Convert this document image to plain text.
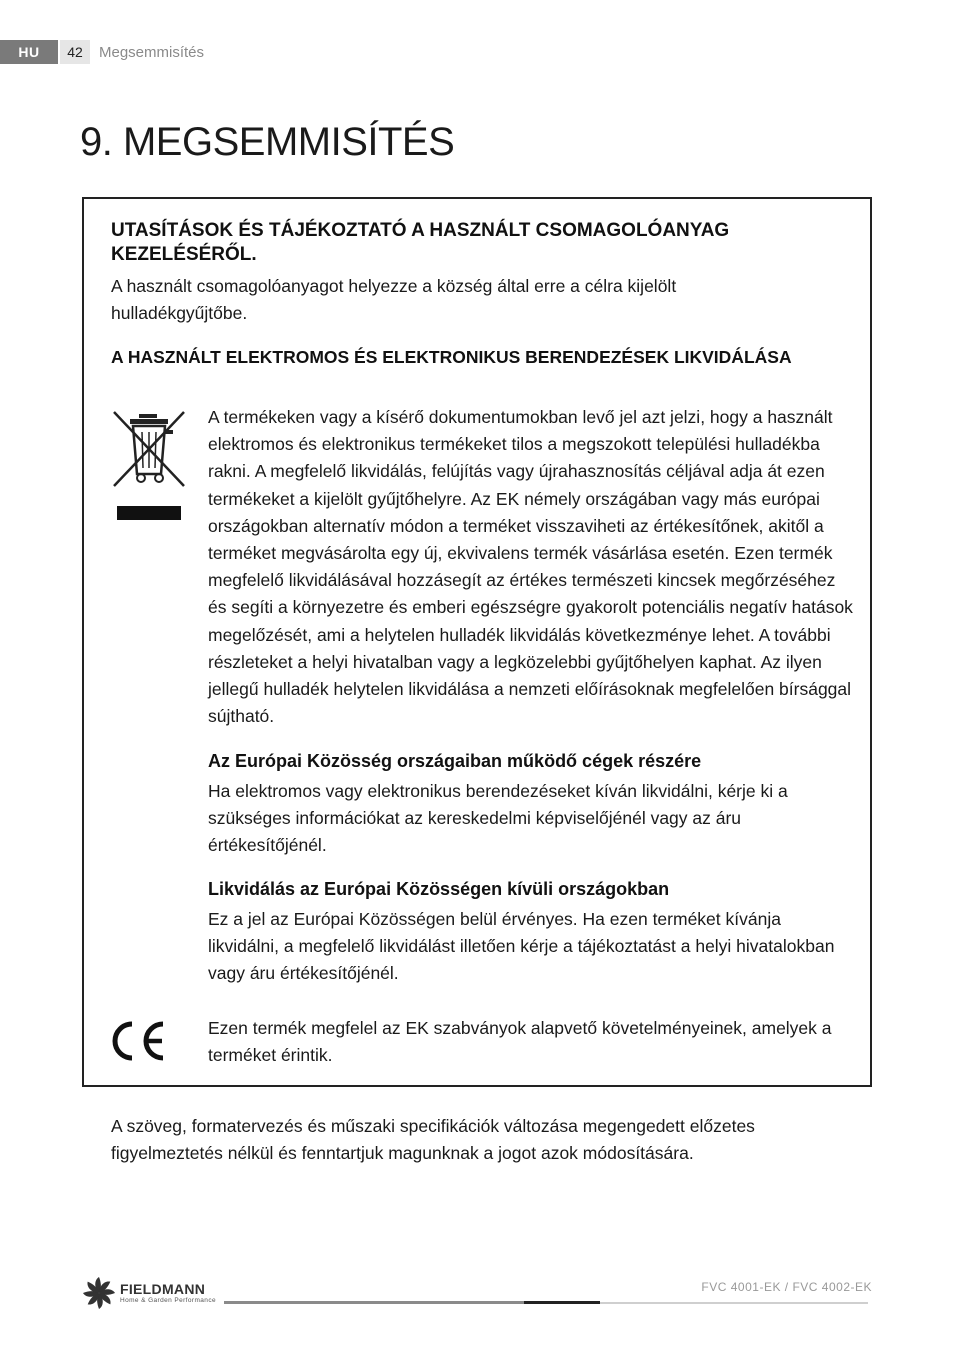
HU	42	Megsemmisítés
9. MEGSEMMISÍTÉS
UTASÍTÁSOK ÉS TÁJÉKOZTATÓ A HASZNÁLT CSOMAGOLÓANYAG KEZELÉSÉRŐL.

A használt csomagolóanyagot helyezze a község által erre a célra kijelölt hulladékgyűjtőbe.

A HASZNÁLT ELEKTROMOS ÉS ELEKTRONIKUS BERENDEZÉSEK LIKVIDÁLÁSA

A termékeken vagy a kísérő dokumentumokban levő jel azt jelzi, hogy a használt elektromos és elektronikus termékeket tilos a megszokott települési hulladékba rakni. A megfelelő likvidálás, felújítás vagy újrahasznosítás céljával adja át ezen termékeket a kijelölt gyűjtőhelyre. Az EK némely országában vagy más európai országokban alternatív módon a terméket visszaviheti az értékesítőnek, akitől a terméket megvásárolta egy új, ekvivalens termék vásárlása esetén. Ezen termék megfelelő likvidálásával hozzásegít az értékes természeti kincsek megőrzéséhez és segíti a környezetre és emberi egészségre gyakorolt potenciális negatív hatások megelőzését, ami a helytelen hulladék likvidálás következménye lehet. A további részleteket a helyi hivatalban vagy a legközelebbi gyűjtőhelyen kaphat. Az ilyen jellegű hulladék helytelen likvidálása a nemzeti előírásoknak megfelelően bírsággal sújtható.

Az Európai Közösség országaiban működő cégek részére

Ha elektromos vagy elektronikus berendezéseket kíván likvidálni, kérje ki a szükséges információkat az kereskedelmi képviselőjénél vagy az áru értékesítőjénél.

Likvidálás az Európai Közösségen kívüli országokban

Ez a jel az Európai Közösségen belül érvényes. Ha ezen terméket kívánja likvidálni, a megfelelő likvidálást illetően kérje a tájékoztatást a helyi hivatalokban vagy áru értékesítőjénél.

Ezen termék megfelel az EK szabványok alapvető követelményeinek, amelyek a terméket érintik.

A szöveg, formatervezés és műszaki specifikációk változása megengedett előzetes figyelmeztetés nélkül és fenntartjuk magunknak a jogot azok módosítására.

FIELDMANN
Home & Garden Performance
FVC 4001-EK / FVC 4002-EK
